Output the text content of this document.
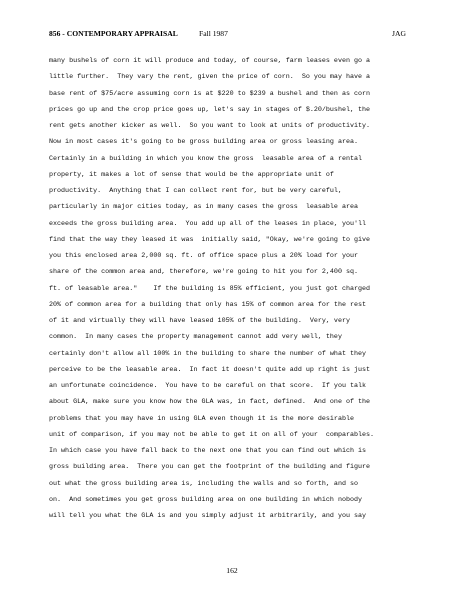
856 - CONTEMPORARY APPRAISAL	Fall 1987	JAG
many bushels of corn it will produce and today, of course, farm leases even go a
little further.  They vary the rent, given the price of corn.  So you may have a
base rent of $75/acre assuming corn is at $220 to $239 a bushel and then as corn
prices go up and the crop price goes up, let's say in stages of $.20/bushel, the
rent gets another kicker as well.  So you want to look at units of productivity.
Now in most cases it's going to be gross building area or gross leasing area.
Certainly in a building in which you know the gross  leasable area of a rental
property, it makes a lot of sense that would be the appropriate unit of
productivity.  Anything that I can collect rent for, but be very careful,
particularly in major cities today, as in many cases the gross  leasable area
exceeds the gross building area.  You add up all of the leases in place, you'll
find that the way they leased it was  initially said, "Okay, we're going to give
you this enclosed area 2,000 sq. ft. of office space plus a 20% load for your
share of the common area and, therefore, we're going to hit you for 2,400 sq.
ft. of leasable area."    If the building is 85% efficient, you just got charged
20% of common area for a building that only has 15% of common area for the rest
of it and virtually they will have leased 105% of the building.  Very, very
common.  In many cases the property management cannot add very well, they
certainly don't allow all 100% in the building to share the number of what they
perceive to be the leasable area.  In fact it doesn't quite add up right is just
an unfortunate coincidence.  You have to be careful on that score.  If you talk
about GLA, make sure you know how the GLA was, in fact, defined.  And one of the
problems that you may have in using GLA even though it is the more desirable
unit of comparison, if you may not be able to get it on all of your  comparables.
In which case you have fall back to the next one that you can find out which is
gross building area.  There you can get the footprint of the building and figure
out what the gross building area is, including the walls and so forth, and so
on.  And sometimes you get gross building area on one building in which nobody
will tell you what the GLA is and you simply adjust it arbitrarily, and you say
162
